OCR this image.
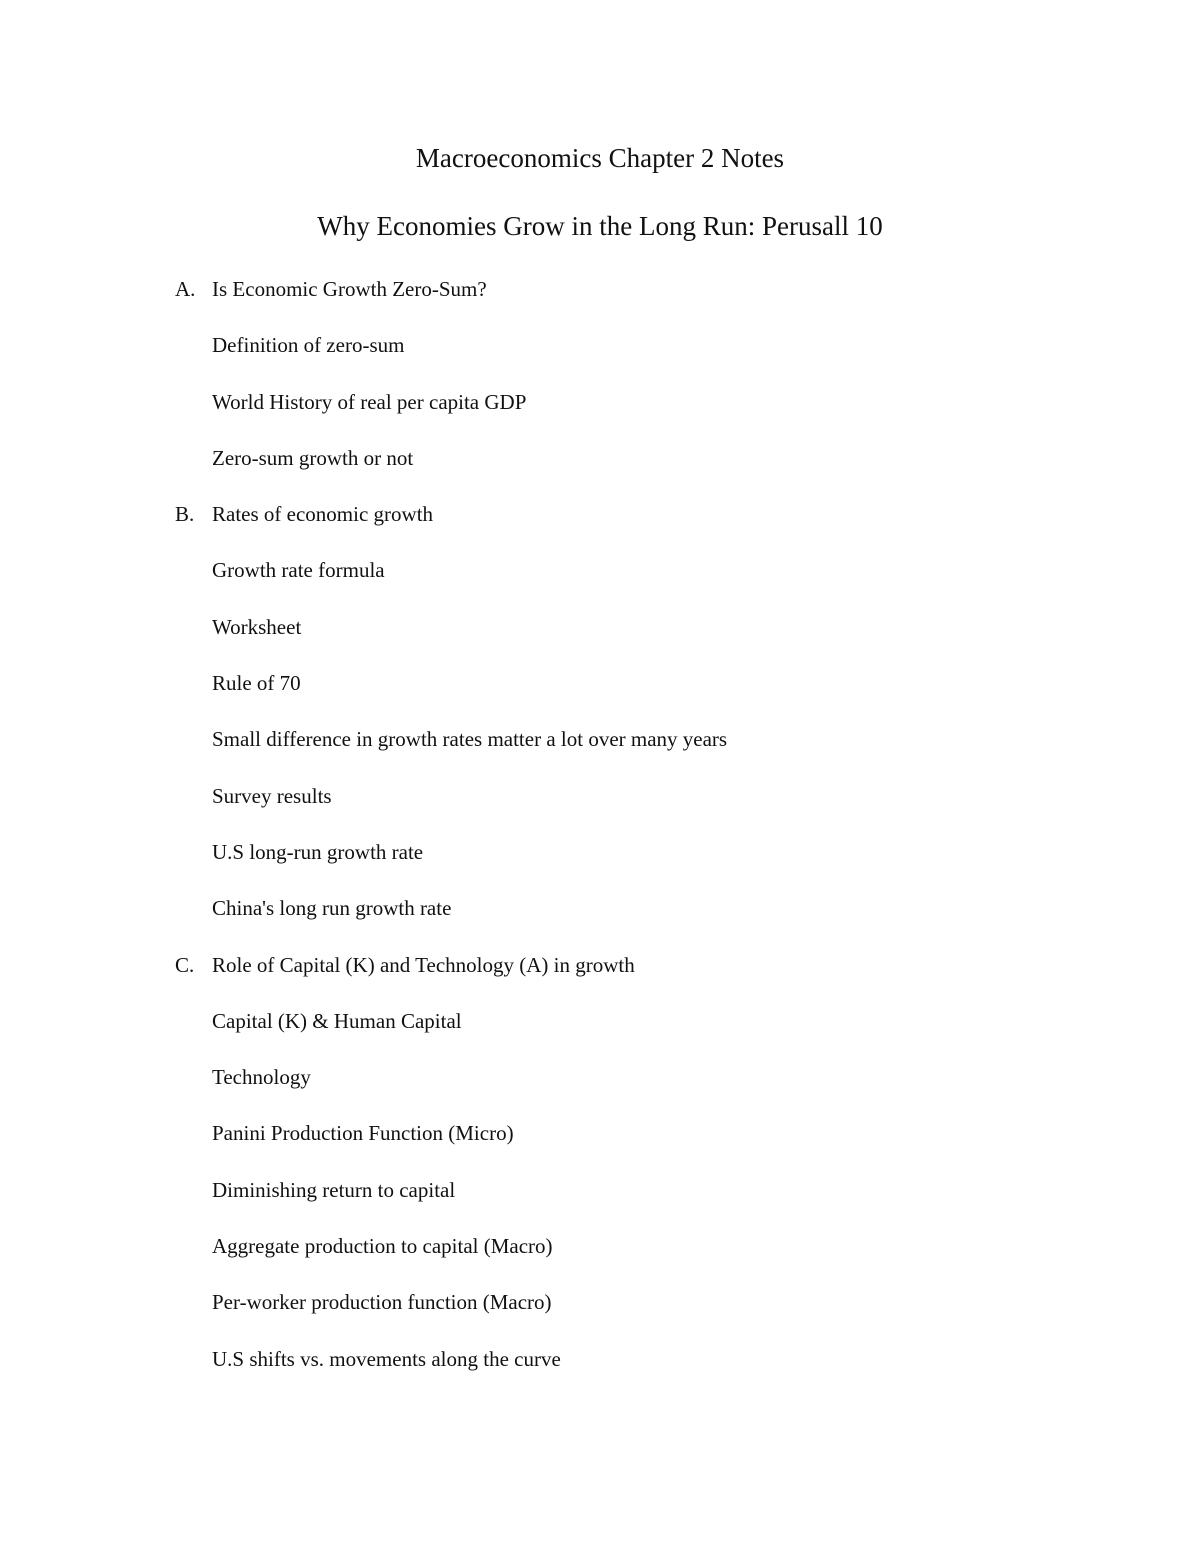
Macroeconomics Chapter 2 Notes
Why Economies Grow in the Long Run: Perusall 10
A. Is Economic Growth Zero-Sum?
Definition of zero-sum
World History of real per capita GDP
Zero-sum growth or not
B. Rates of economic growth
Growth rate formula
Worksheet
Rule of 70
Small difference in growth rates matter a lot over many years
Survey results
U.S long-run growth rate
China's long run growth rate
C. Role of Capital (K) and Technology (A) in growth
Capital (K) & Human Capital
Technology
Panini Production Function (Micro)
Diminishing return to capital
Aggregate production to capital (Macro)
Per-worker production function (Macro)
U.S shifts vs. movements along the curve
